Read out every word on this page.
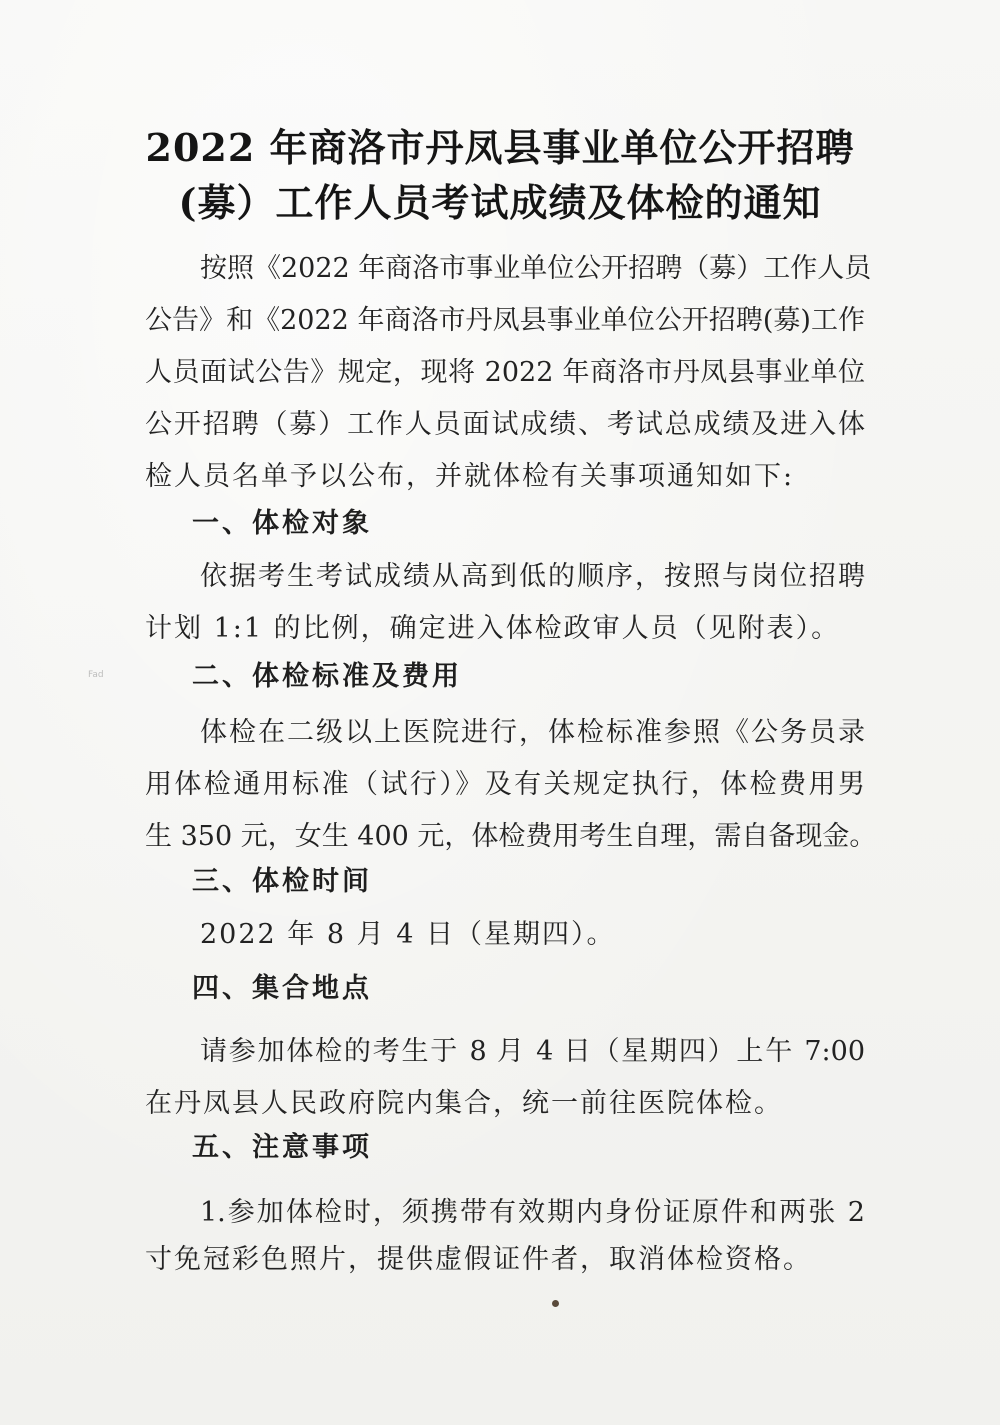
2022 年商洛市丹凤县事业单位公开招聘
(募）工作人员考试成绩及体检的通知
按照《2022 年商洛市事业单位公开招聘（募）工作人员
公告》和《2022 年商洛市丹凤县事业单位公开招聘(募)工作
人员面试公告》规定，现将 2022 年商洛市丹凤县事业单位
公开招聘（募）工作人员面试成绩、考试总成绩及进入体
检人员名单予以公布，并就体检有关事项通知如下:
一、体检对象
依据考生考试成绩从高到低的顺序，按照与岗位招聘
计划 1:1 的比例，确定进入体检政审人员（见附表）。
Fad	二、体检标准及费用
体检在二级以上医院进行，体检标准参照《公务员录
用体检通用标准（试行）》及有关规定执行，体检费用男
生 350 元，女生 400 元，体检费用考生自理，需自备现金。
三、体检时间
2022 年 8 月 4 日（星期四）。
四、集合地点
请参加体检的考生于 8 月 4 日（星期四）上午 7:00
在丹凤县人民政府院内集合，统一前往医院体检。
五、注意事项
1.参加体检时，须携带有效期内身份证原件和两张 2
寸免冠彩色照片，提供虚假证件者，取消体检资格。
